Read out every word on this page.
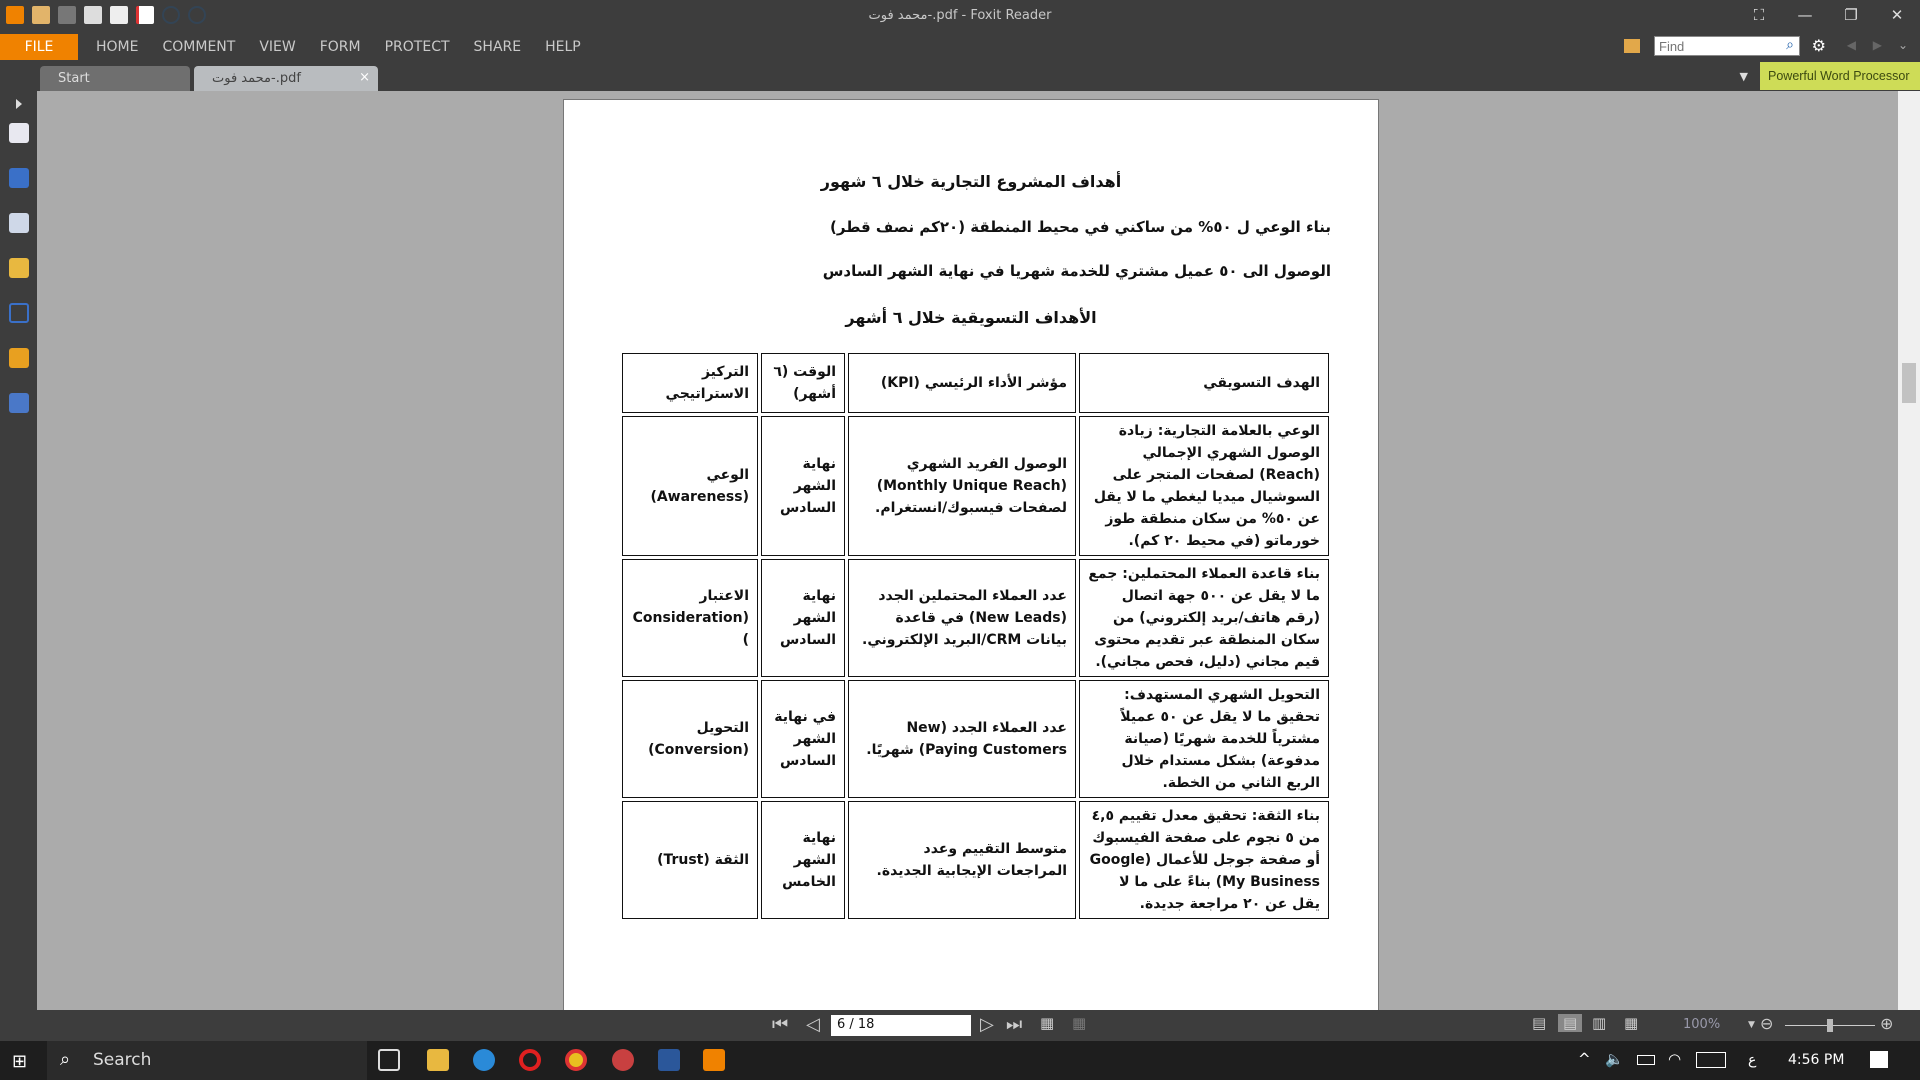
محمد فوت-.pdf - Foxit Reader	⛶	—	❐	✕
FILE	HOME	COMMENT	VIEW	FORM	PROTECT	SHARE	HELP
Find	⌕ ⚙ ◀ ▶ ⌄
Start	محمد فوت-.pdf	×	▼	Powerful Word Processor
أهداف المشروع التجارية خلال ٦ شهور
بناء الوعي ل ٥٠% من ساكني في محيط المنطقة (٢٠كم نصف قطر)
الوصول الى ٥٠ عميل مشتري للخدمة شهريا في نهاية الشهر السادس
الأهداف التسويقية خلال ٦ أشهر
الهدف التسويقي	مؤشر الأداء الرئيسي (KPI)	الوقت (٦ أشهر)	التركيز الاستراتيجي
الوعي بالعلامة التجارية: زيادة الوصول الشهري الإجمالي (Reach) لصفحات المتجر على السوشيال ميديا ليغطي ما لا يقل عن ٥٠% من سكان منطقة طوز خورماتو (في محيط ٢٠ كم).	الوصول الفريد الشهري (Monthly Unique Reach) لصفحات فيسبوك/انستغرام.	نهاية الشهر السادس	الوعي (Awareness)
بناء قاعدة العملاء المحتملين: جمع ما لا يقل عن ٥٠٠ جهة اتصال (رقم هاتف/بريد إلكتروني) من سكان المنطقة عبر تقديم محتوى قيم مجاني (دليل، فحص مجاني).	عدد العملاء المحتملين الجدد (New Leads) في قاعدة بيانات CRM/البريد الإلكتروني.	نهاية الشهر السادس	الاعتبار (Consideration)
التحويل الشهري المستهدف: تحقيق ما لا يقل عن ٥٠ عميلاً مشترياً للخدمة شهريًا (صيانة مدفوعة) بشكل مستدام خلال الربع الثاني من الخطة.	عدد العملاء الجدد (New Paying Customers) شهريًا.	في نهاية الشهر السادس	التحويل (Conversion)
بناء الثقة: تحقيق معدل تقييم ٤,٥ من ٥ نجوم على صفحة الفيسبوك أو صفحة جوجل للأعمال (Google My Business) بناءً على ما لا يقل عن ٢٠ مراجعة جديدة.	متوسط التقييم وعدد المراجعات الإيجابية الجديدة.	نهاية الشهر الخامس	الثقة (Trust)
⏮ ◁	6 / 18	▷ ⏭ ▦ ▦	▤	▤ ▥ ▦	100%	▼ ⊖	⊕
⊞	Search
⌕	^ 🔈	◠	ع 4:56 PM
